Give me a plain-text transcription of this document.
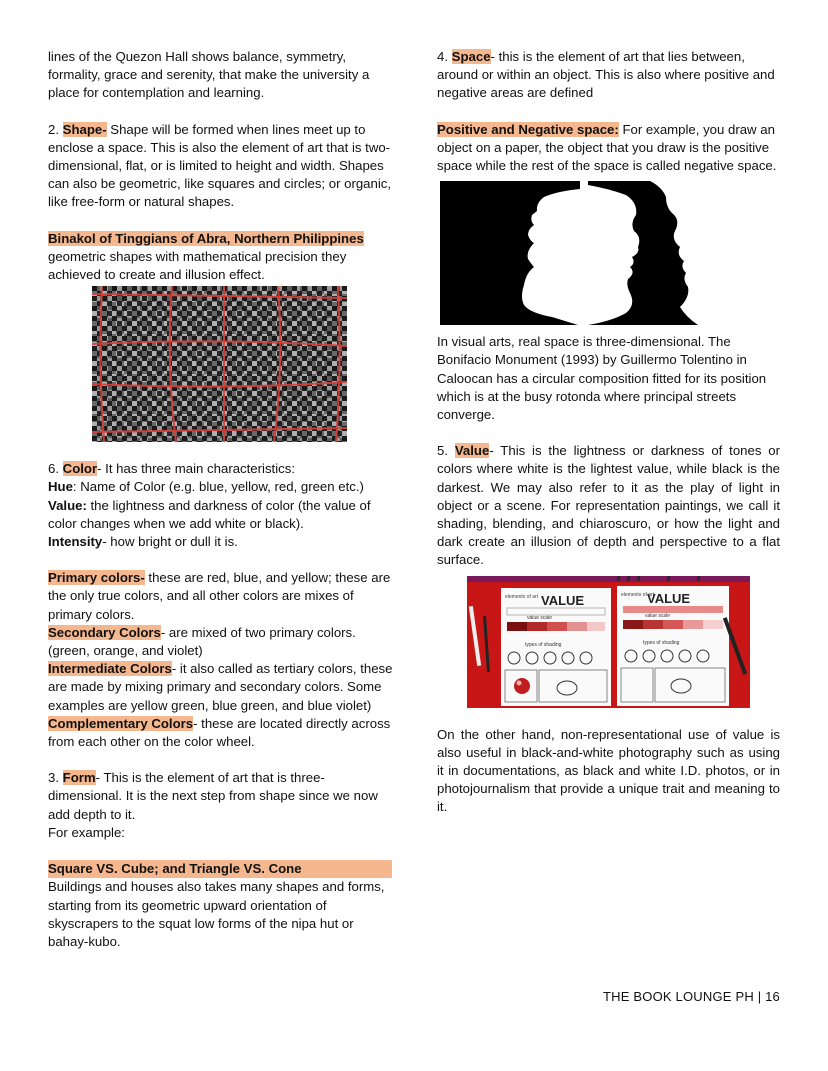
lines of the Quezon Hall shows balance, symmetry, formality, grace and serenity, that make the university a place for contemplation and learning.

2. Shape- Shape will be formed when lines meet up to enclose a space. This is also the element of art that is two-dimensional, flat, or is limited to height and width. Shapes can also be geometric, like squares and circles; or organic, like free-form or natural shapes.

Binakol of Tinggians of Abra, Northern Philippines

geometric shapes with mathematical precision they achieved to create and illusion effect.

6. Color- It has three main characteristics:

Hue: Name of Color (e.g. blue, yellow, red, green etc.)

Value: the lightness and darkness of color (the value of color changes when we add white or black).

Intensity- how bright or dull it is.

Primary colors- these are red, blue, and yellow; these are the only true colors, and all other colors are mixes of primary colors.

Secondary Colors- are mixed of two primary colors. (green, orange, and violet)

Intermediate Colors- it also called as tertiary colors, these are made by mixing primary and secondary colors. Some examples are yellow green, blue green, and blue violet)

Complementary Colors- these are located directly across from each other on the color wheel.

3. Form- This is the element of art that is three-dimensional. It is the next step from shape since we now add depth to it.

For example:

Square VS. Cube; and Triangle VS. Cone

Buildings and houses also takes many shapes and forms, starting from its geometric upward orientation of skyscrapers to the squat low forms of the nipa hut or bahay-kubo.

4. Space- this is the element of art that lies between, around or within an object. This is also where positive and negative areas are defined

Positive and Negative space: For example, you draw an object on a paper, the object that you draw is the positive space while the rest of the space is called negative space.

In visual arts, real space is three-dimensional. The Bonifacio Monument (1993) by Guillermo Tolentino in Caloocan has a circular composition fitted for its position which is at the busy rotonda where principal streets converge.

5. Value- This is the lightness or darkness of tones or colors where white is the lightest value, while black is the darkest. We may also refer to it as the play of light in object or a scene. For representation paintings, we call it shading, blending, and chiaroscuro, or how the light and dark create an illusion of depth and perspective to a flat surface.

VALUE	VALUE
elements of art	elements of art
value scale	value scale
types of shading	types of shading

On the other hand, non-representational use of value is also useful in black-and-white photography such as using it in documentations, as black and white I.D. photos, or in photojournalism that provide a unique trait and meaning to it.

THE BOOK LOUNGE PH | 16
